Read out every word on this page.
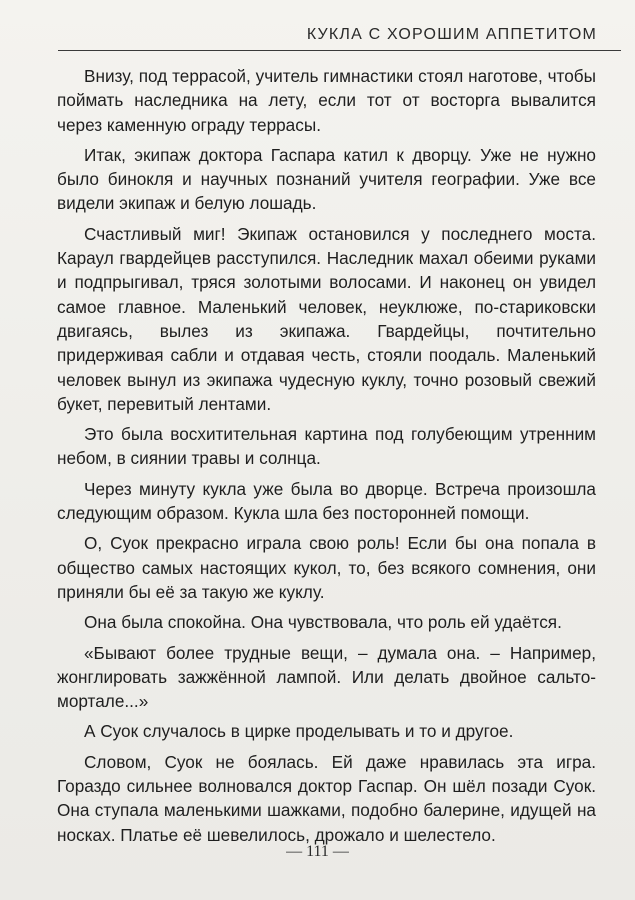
КУКЛА С ХОРОШИМ АППЕТИТОМ

Внизу, под террасой, учитель гимнастики стоял наготове, чтобы поймать наследника на лету, если тот от восторга вывалится через каменную ограду террасы.

Итак, экипаж доктора Гаспара катил к дворцу. Уже не нужно было бинокля и научных познаний учителя географии. Уже все видели экипаж и белую лошадь.

Счастливый миг! Экипаж остановился у последнего моста. Караул гвардейцев расступился. Наследник махал обеими руками и подпрыгивал, тряся золотыми волосами. И наконец он увидел самое главное. Маленький человек, неуклюже, по-стариковски двигаясь, вылез из экипажа. Гвардейцы, почтительно придерживая сабли и отдавая честь, стояли поодаль. Маленький человек вынул из экипажа чудесную куклу, точно розовый свежий букет, перевитый лентами.

Это была восхитительная картина под голубеющим утренним небом, в сиянии травы и солнца.

Через минуту кукла уже была во дворце. Встреча произошла следующим образом. Кукла шла без посторонней помощи.

О, Суок прекрасно играла свою роль! Если бы она попала в общество самых настоящих кукол, то, без всякого сомнения, они приняли бы её за такую же куклу.

Она была спокойна. Она чувствовала, что роль ей удаётся.

«Бывают более трудные вещи, – думала она. – Например, жонглировать зажжённой лампой. Или делать двойное сальто-мортале...»

А Суок случалось в цирке проделывать и то и другое.

Словом, Суок не боялась. Ей даже нравилась эта игра. Гораздо сильнее волновался доктор Гаспар. Он шёл позади Суок. Она ступала маленькими шажками, подобно балерине, идущей на носках. Платье её шевелилось, дрожало и шелестело.

— 111 —
